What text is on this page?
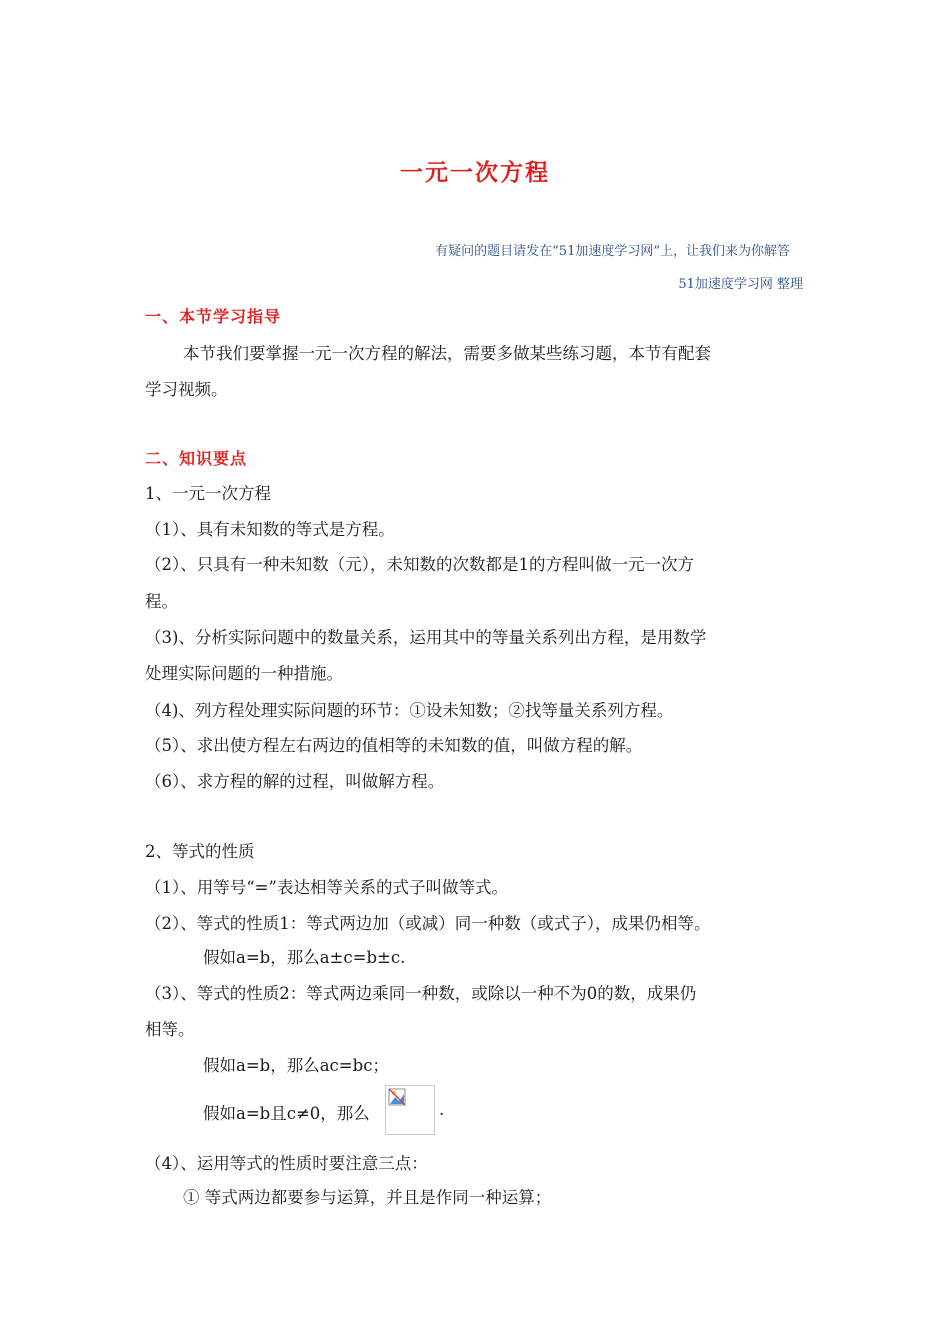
一元一次方程
有疑问的题目请发在“51加速度学习网”上，让我们来为你解答
51加速度学习网 整理
一、本节学习指导
本节我们要掌握一元一次方程的解法，需要多做某些练习题，本节有配套
学习视频。
二、知识要点
1、一元一次方程
（1）、具有未知数的等式是方程。
（2）、只具有一种未知数（元），未知数的次数都是1的方程叫做一元一次方
程。
（3)、分析实际问题中的数量关系，运用其中的等量关系列出方程，是用数学
处理实际问题的一种措施。
（4)、列方程处理实际问题的环节：①设未知数；②找等量关系列方程。
（5）、求出使方程左右两边的值相等的未知数的值，叫做方程的解。
（6）、求方程的解的过程，叫做解方程。
2、等式的性质
（1）、用等号“=”表达相等关系的式子叫做等式。
（2）、等式的性质1：等式两边加（或减）同一种数（或式子），成果仍相等。
假如a=b，那么a±c=b±c.
（3）、等式的性质2：等式两边乘同一种数，或除以一种不为0的数，成果仍
相等。
假如a=b，那么ac=bc；
假如a=b且c≠0，那么	.
（4）、运用等式的性质时要注意三点：
① 等式两边都要参与运算，并且是作同一种运算；
